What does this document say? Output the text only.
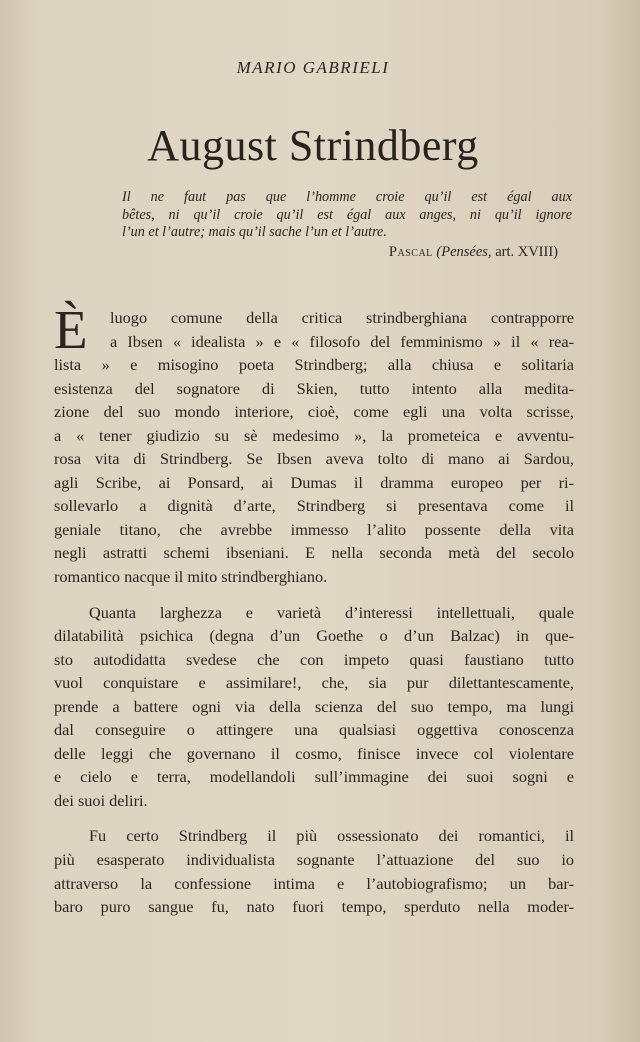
MARIO GABRIELI
August Strindberg
Il ne faut pas que l’homme croie qu’il est égal aux
bêtes, ni qu’il croie qu’il est égal aux anges, ni qu’il ignore
l’un et l’autre; mais qu’il sache l’un et l’autre.
Pascal (Pensées, art. XVIII)
È	luogo comune della critica strindberghiana contrapporre
a Ibsen « idealista » e « filosofo del femminismo » il « rea-
lista » e misogino poeta Strindberg; alla chiusa e solitaria
esistenza del sognatore di Skien, tutto intento alla medita-
zione del suo mondo interiore, cioè, come egli una volta scrisse,
a « tener giudizio su sè medesimo », la prometeica e avventu-
rosa vita di Strindberg. Se Ibsen aveva tolto di mano ai Sardou,
agli Scribe, ai Ponsard, ai Dumas il dramma europeo per ri-
sollevarlo a dignità d’arte, Strindberg si presentava come il
geniale titano, che avrebbe immesso l’alito possente della vita
negli astratti schemi ibseniani. E nella seconda metà del secolo
romantico nacque il mito strindberghiano.
Quanta larghezza e varietà d’interessi intellettuali, quale
dilatabilità psichica (degna d’un Goethe o d’un Balzac) in que-
sto autodidatta svedese che con impeto quasi faustiano tutto
vuol conquistare e assimilare!, che, sia pur dilettantescamente,
prende a battere ogni via della scienza del suo tempo, ma lungi
dal conseguire o attingere una qualsiasi oggettiva conoscenza
delle leggi che governano il cosmo, finisce invece col violentare
e cielo e terra, modellandoli sull’immagine dei suoi sogni e
dei suoi deliri.
Fu certo Strindberg il più ossessionato dei romantici, il
più esasperato individualista sognante l’attuazione del suo io
attraverso la confessione intima e l’autobiografismo; un bar-
baro puro sangue fu, nato fuori tempo, sperduto nella moder-
